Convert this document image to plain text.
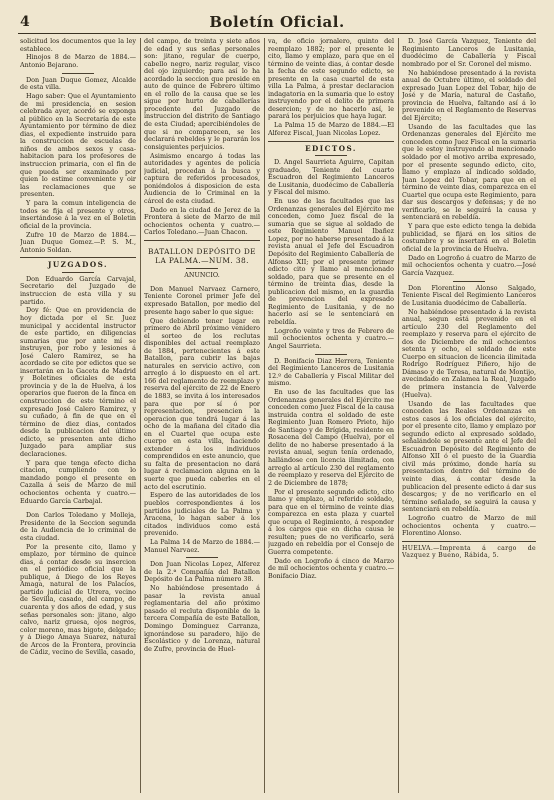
4	Boletín Oficial.

solicitud los documentos que la ley establece.

Hinojos 8 de Marzo de 1884.—Antonio Bejarano.

Don Juan Duque Gomez, Alcalde de esta villa.

Hago saber: Que el Ayuntamiento de mi presidencia, en sesion celebrada ayer, acordó se exponga al público en la Secretaría de este Ayuntamiento por término de diez dias, el expediente instruido para la construccion de escuelas de niños de ambos sexos y casa-habitacion para los profesores de instruccion primaria, con el fin de que pueda ser examinado por quien lo estime conveniente y oir las reclamaciones que se presenten.

Y para la comun inteligencia de todos se fija el presente y otros, insertándose á la vez en el Boletin oficial de la provincia.

Zufre 10 de Marzo de 1884.—Juan Duque Gomez.—P. S. M., Antonio Soldan.

JUZGADOS.

Don Eduardo García Carvajal, Secretario del Juzgado de instruccion de esta villa y su partido.

Doy fé: Que en providencia de hoy dictada por el Sr. Juez municipal y accidental instructor de este partido, en diligencias sumarias que por ante mí se instruyen, por robo y lesiones á José Calero Ramirez, se ha acordado se cite por edictos que se insertarán en la Gaceta de Madrid y Boletines oficiales de esta provincia y de la de Huelva, á los operarios que fueron de la finca en construccion de este término el expresado José Calero Ramirez, y su cuñado, á fin de que en el término de diez dias, contados desde la publicacion del último edicto, se presenten ante dicho Juzgado para ampliar sus declaraciones.

Y para que tenga efecto dicha citacion, cumpliendo con lo mandado pongo el presente en Cazalla á seis de Marzo de mil ochocientos ochenta y cuatro.—Eduardo García Carbajal.

Don Carlos Toledano y Molleja, Presidente de la Seccion segunda de la Audiencia de lo criminal de esta ciudad.

Por la presente cito, llamo y emplazo, por término de quince dias, á contar desde su insercion en el periódico oficial que la publique, á Diego de los Reyes Amaga, natural de los Palacios, partido judicial de Utrera, vecino de Sevilla, casado, del campo, de cuarenta y dos años de edad, y sus señas personales son: jitano, algo calvo, nariz gruesa, ojos negros, color moreno, mas bigote, delgado; y á Diego Amaya Suarez, natural de Arcos de la Frontera, provincia de Cádiz, vecino de Sevilla, casado,

del campo, de treinta y siete años de edad y sus señas personales son: jitano, regular de cuerpo, cabello negro, nariz regular, visco del ojo izquierdo; para así lo ha acordado la seccion que preside en auto de quince de Febrero último en el rollo de la causa que se les sigue por hurto de caballerías procedente del Juzgado de instruccion del distrito de Santiago de esta Ciudad; apercibiéndoles de que si no comparecen, se les declarará rebeldes y le pararán los consiguientes perjuicios.

Asimismo encargo á todas las autoridades y agentes de policía judicial, procedan á la busca y captura de referidos procesados, poniéndolos á disposicion de esta Audiencia de lo Criminal en la cárcel de esta ciudad.

Dado en la ciudad de Jerez de la Frontera á siete de Marzo de mil ochocientos ochenta y cuatro.—Carlos Toledano.—Juan Chacon.

BATALLON DEPÓSITO DE LA PALMA.—NUM. 38.

ANUNCIO.

Don Manuel Narvaez Carnero, Teniente Coronel primer Jefe del expresado Batallon, por medio del presente hago saber lo que sigue:

Que debiendo tener lugar en primero de Abril próximo venidero el sorteo de los reclutas disponibles del actual reemplazo de 1884, pertenecientes á este Batallon, para cubrir las bajas naturales en servicio activo, con arreglo á lo dispuesto en el art. 166 del reglamento de reemplazo y reserva del ejército de 22 de Enero de 1883, se invita á los interesados para que por sí ó por representacion, presencien la operacion que tendrá lugar á las ocho de la mañana del citado dia en el Cuartel que ocupa este cuerpo en esta villa, haciendo extender á los individuos comprendidos en este anuncio, que su falta de presentacion no dará lugar á reclamacion alguna en la suerte que pueda caberles en el acto del escrutinio.

Espero de las autoridades de los pueblos correspondientes á los partidos judiciales de La Palma y Aracena, lo hagan saber á los citados individuos como está prevenido.

La Palma 14 de Marzo de 1884.—Manuel Narvaez.

Don Juan Nicolas Lopez, Alferez de la 2.ª Compañía del Batallon Depósito de La Palma número 38.

No habiéndose presentado á pasar la revista anual reglamentaria del año próximo pasado el recluta disponible de la tercera Compañía de este Batallon, Domingo Dominguez Carranza, ignorándose su paradero, hijo de Escolástico y de Lorenza, natural de Zufre, provincia de Huel-

va, de oficio jornalero, quinto del reemplazo 1882; por el presente le cito, llamo y emplazo, para que en el término de veinte dias, á contar desde la fecha de este segundo edicto, se presente en la casa cuartel de esta villa La Palma, á prestar declaracion indagatoria en la sumaria que lo estoy instruyendo por el delito de primera desercion; y de no hacerlo así, le parará los perjuicios que haya lugar.

La Palma 15 de Marzo de 1884.—El Alferez Fiscal, Juan Nicolas Lopez.

EDICTOS.

D. Angel Saurrieta Aguirre, Capitan graduado, Teniente del cuarto Escuadron del Regimiento Lanceros de Lusitania, duodécimo de Caballería y Fiscal del mismo.

En uso de las facultades que las Ordenanzas generales del Ejército me conceden, como Juez fiscal de la sumaria que se sigue al soldado de este Regimiento Manuel Ibañez Lopez, por no haberse presentado á la revista anual el Jefe del Escuadron Depósito del Regimiento Caballería de Alfonso XII; por el presente primer edicto cito y llamo al mencionado soldado, para que se presente en el término de treinta dias, desde la publicacion del mismo, en la guardia de prevencion del expresado Regimiento de Lusitania, y de no hacerlo así se le sentenciará en rebeldía.

Logroño veinte y tres de Febrero de mil ochocientos ochenta y cuatro.—Angel Saurrieta.

D. Bonifacio Diaz Herrera, Teniente del Regimiento Lanceros de Lusitania 12.º de Caballería y Fiscal Militar del mismo.

En uso de las facultades que las Ordenanzas generales del Ejército me conceden como Juez Fiscal de la causa instruida contra el soldado de este Regimiento Juan Romero Prieto, hijo de Santiago y de Brígida, residente en Rosacena del Campo (Huelva), por el delito de no haberse presentado á la revista anual, segun tenía ordenado, hallándose con licencia ilimitada, con arreglo al artículo 230 del reglamento de reemplazo y reserva del Ejército de 2 de Diciembre de 1878;

Por el presente segundo edicto, cito llamo y emplazo, al referido soldado, para que en el término de veinte dias comparezca en esta plaza y cuartel que ocupa el Regimiento, á responder á los cargos que en dicha causa le resulten; pues de no verificarlo, será juzgado en rebeldía por el Consejo de Guerra competente.

Dado en Logroño á cinco de Marzo de mil ochocientos ochenta y cuatro.—Bonifacio Diaz.

D. José García Vazquez, Teniente del Regimiento Lanceros de Lusitania, duodécimo de Caballería y Fiscal nombrado por el Sr. Coronel del mismo.

No habiéndose presentado á la revista anual de Octubre último, el soldado del expresado Juan Lopez del Tobar, hijo de José y de María, natural de Castaño, provincia de Huelva, faltando así á lo prevenido en el Reglamento de Reservas del Ejército;

Usando de las facultades que las Ordenanzas generales del Ejército me conceden como Juez Fiscal en la sumaria que le estoy instruyendo al mencionado soldado por el motivo arriba expresado, por el presente segundo edicto, cito, llamo y emplazo al indicado soldado, Juan Lopez del Tobar, para que en el término de veinte dias, comparezca en el Cuartel que ocupa este Regimiento, para dar sus descargos y defensas; y de no verificarlo, se le seguirá la causa y sentenciará en rebeldía.

Y para que este edicto tenga la debida publicidad, se fijará en los sitios de costumbre y se insertará en el Boletin oficial de la provincia de Huelva.

Dado en Logroño á cuatro de Marzo de mil ochocientos ochenta y cuatro.—José García Vazquez.

Don Florentino Alonso Salgado, Teniente Fiscal del Regimiento Lanceros de Lusitania duodécimo de Caballería.

No habiéndose presentado á la revista anual, segun está prevenido en el artículo 230 del Reglamento del reemplazo y reserva para el ejército de dos de Diciembre de mil ochocientos setenta y ocho, el soldado de este Cuerpo en situacion de licencia ilimitada Rodrigo Rodríguez Piñero, hijo de Dámaso y de Teresa, natural de Montijo, avecindado en Zalamea la Real, Juzgado de primera instancia de Valverde (Huelva).

Usando de las facultades que conceden las Reales Ordenanzas en estos casos á los oficiales del ejército, por el presente cito, llamo y emplazo por segundo edicto al expresado soldado, señalándole se presente ante el Jefe del Escuadron Depósito del Regimiento de Alfonso XII ó el puesto de la Guardia civil más próximo, donde haría su presentacion dentro del término de veinte dias, á contar desde la publicacion del presente edicto á dar sus descargos; y de no verificarlo en el término señalado, se seguirá la causa y sentenciará en rebeldía.

Logroño cuatro de Marzo de mil ochocientos ochenta y cuatro.—Florentino Alonso.

HUELVA.—Imprenta á cargo de Vazquez y Bueno, Rábida, 5.
